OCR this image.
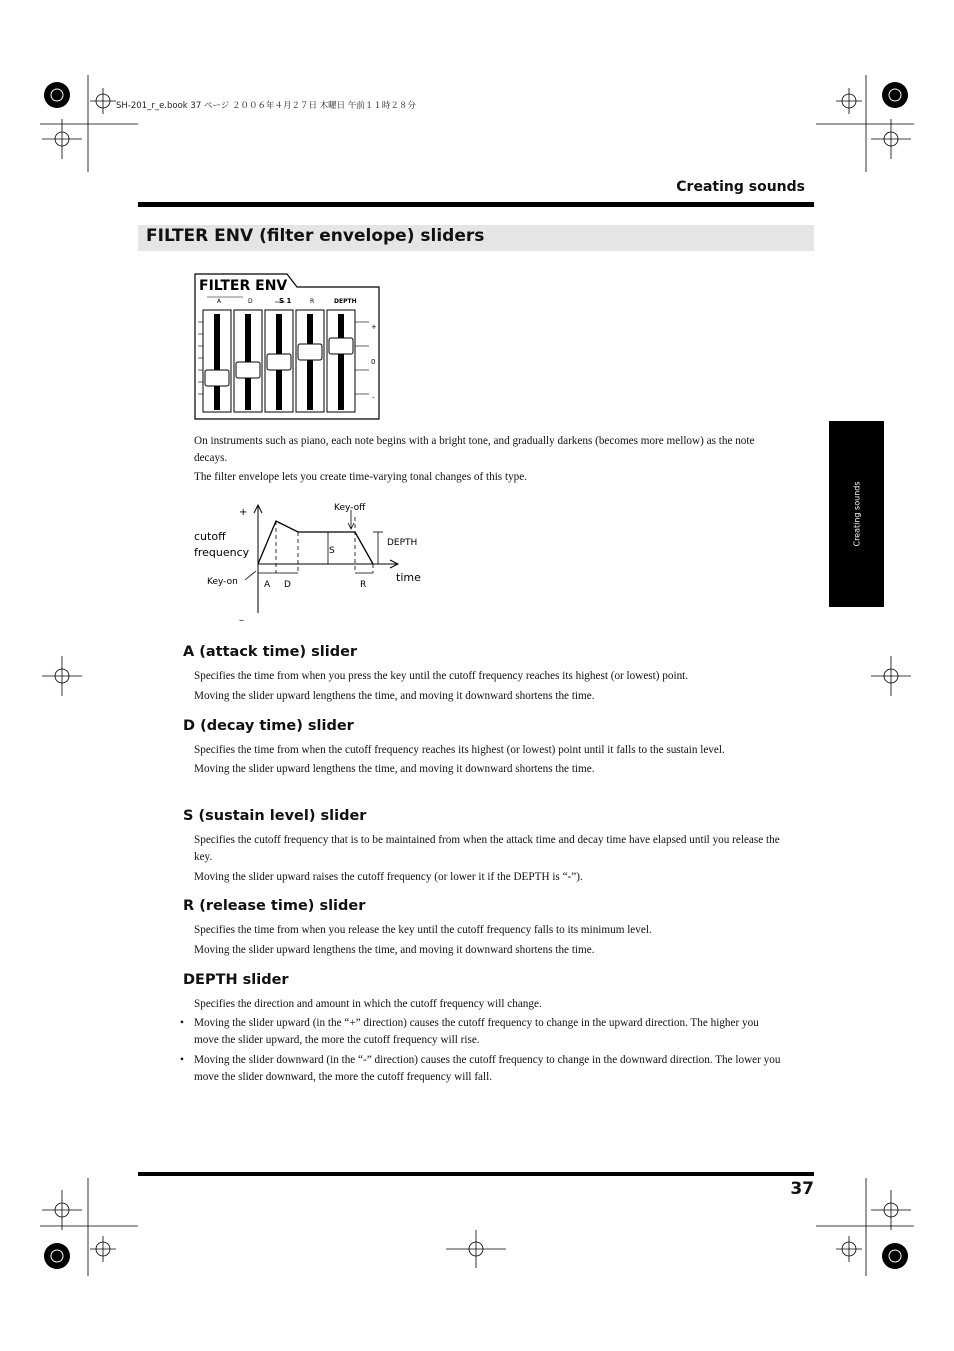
SH-201_r_e.book 37 ページ ２００６年４月２７日 木曜日 午前１１時２８分
Creating sounds
FILTER ENV (filter envelope) sliders
Creating sounds
FILTER ENV
A	D	S 1	R	DEPTH
+
0
-

On instruments such as piano, each note begins with a bright tone, and gradually darkens (becomes more mellow) as the note decays.

The filter envelope lets you create time-varying tonal changes of this type.

+
–
cutoff
frequency
Key-off
Key-on
S
DEPTH
A D	R
time
A (attack time) slider

Specifies the time from when you press the key until the cutoff frequency reaches its highest (or lowest) point.

Moving the slider upward lengthens the time, and moving it downward shortens the time.

D (decay time) slider

Specifies the time from when the cutoff frequency reaches its highest (or lowest) point until it falls to the sustain level.

Moving the slider upward lengthens the time, and moving it downward shortens the time.

S (sustain level) slider

Specifies the cutoff frequency that is to be maintained from when the attack time and decay time have elapsed until you release the key.

Moving the slider upward raises the cutoff frequency (or lower it if the DEPTH is “-”).

R (release time) slider

Specifies the time from when you release the key until the cutoff frequency falls to its minimum level.

Moving the slider upward lengthens the time, and moving it downward shortens the time.

DEPTH slider

Specifies the direction and amount in which the cutoff frequency will change.

• Moving the slider upward (in the “+” direction) causes the cutoff frequency to change in the upward direction. The higher you move the slider upward, the more the cutoff frequency will rise.
• Moving the slider downward (in the “-” direction) causes the cutoff frequency to change in the downward direction. The lower you move the slider downward, the more the cutoff frequency will fall.
37
